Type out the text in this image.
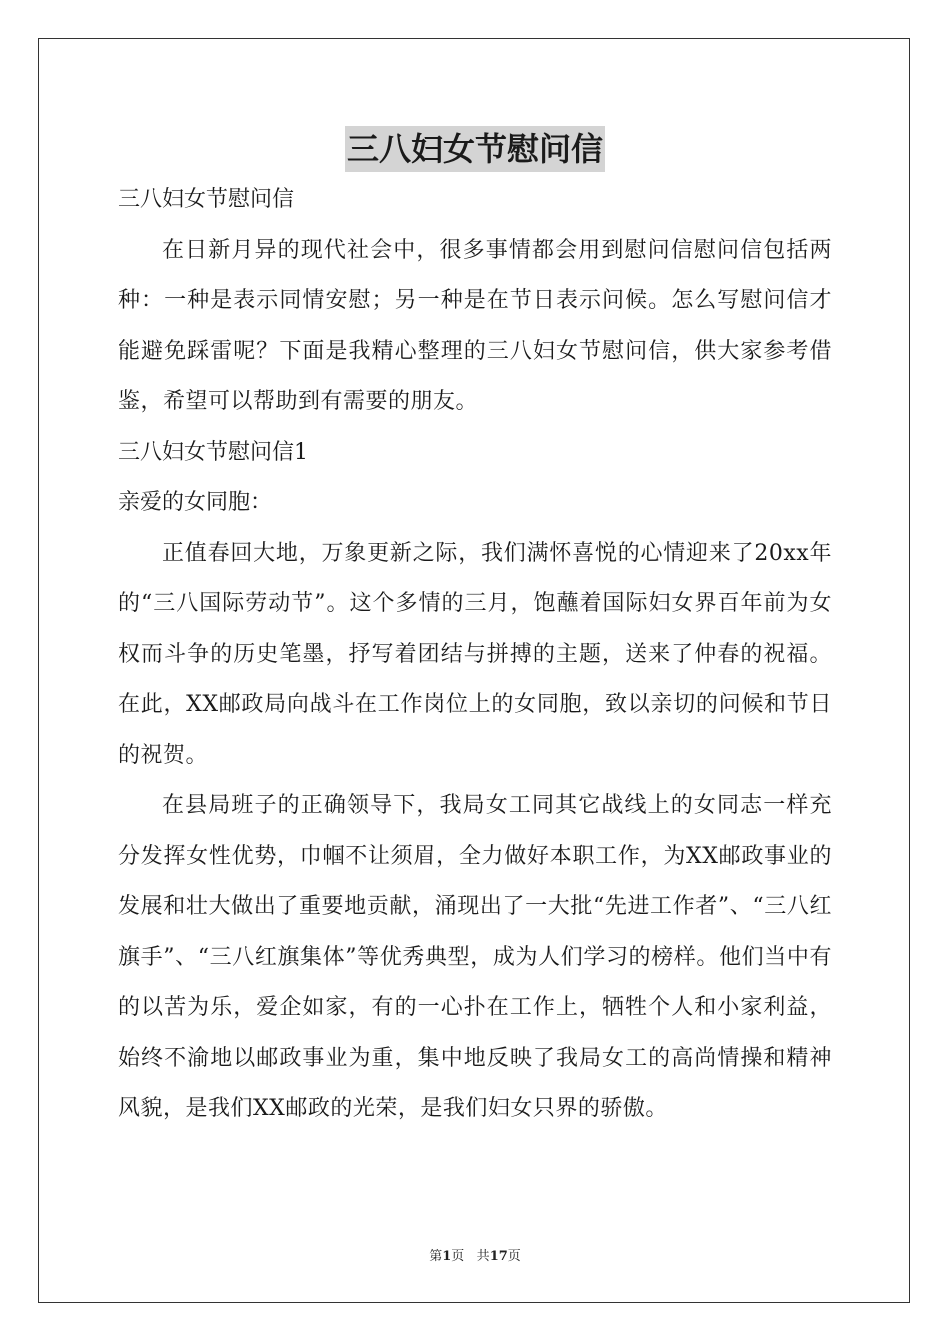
三八妇女节慰问信
三八妇女节慰问信

在日新月异的现代社会中，很多事情都会用到慰问信慰问信包括两种：一种是表示同情安慰；另一种是在节日表示问候。怎么写慰问信才能避免踩雷呢？下面是我精心整理的三八妇女节慰问信，供大家参考借鉴，希望可以帮助到有需要的朋友。

三八妇女节慰问信1
亲爱的女同胞：

正值春回大地，万象更新之际，我们满怀喜悦的心情迎来了20xx年的“三八国际劳动节”。这个多情的三月，饱蘸着国际妇女界百年前为女权而斗争的历史笔墨，抒写着团结与拼搏的主题，送来了仲春的祝福。在此，XX邮政局向战斗在工作岗位上的女同胞，致以亲切的问候和节日的祝贺。

在县局班子的正确领导下，我局女工同其它战线上的女同志一样充分发挥女性优势，巾帼不让须眉，全力做好本职工作，为XX邮政事业的发展和壮大做出了重要地贡献，涌现出了一大批“先进工作者”、“三八红旗手”、“三八红旗集体”等优秀典型，成为人们学习的榜样。他们当中有的以苦为乐，爱企如家，有的一心扑在工作上，牺牲个人和小家利益，始终不渝地以邮政事业为重，集中地反映了我局女工的高尚情操和精神风貌，是我们XX邮政的光荣，是我们妇女只界的骄傲。

第1页 共17页
